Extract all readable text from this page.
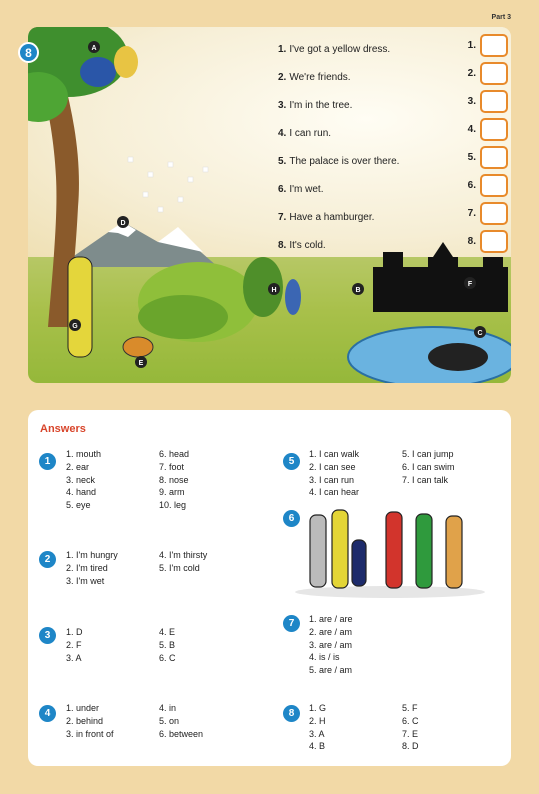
Part 3
A
B
C
D
E
F
G
H
1. I've got a yellow dress.
2. We're friends.
3. I'm in the tree.
4. I can run.
5. The palace is over there.
6. I'm wet.
7. Have a hamburger.
8. It's cold.
1.
2.
3.
4.
5.
6.
7.
8.
8
Answers
1
1. mouth
2. ear
3. neck
4. hand
5. eye
6. head
7. foot
8. nose
9. arm
10. leg
2	1. I'm hungry
2. I'm tired
3. I'm wet
4. I'm thirsty
5. I'm cold
3	1. D
2. F
3. A
4. E
5. B
6. C
4	1. under
2. behind
3. in front of
4. in
5. on
6. between
5
1. I can walk
2. I can see
3. I can run
4. I can hear
5. I can jump
6. I can swim
7. I can talk
6
7	1. are / are
2. are / am
3. are / am
4. is / is
5. are / am
8	1. G
2. H
3. A
4. B
5. F
6. C
7. E
8. D
